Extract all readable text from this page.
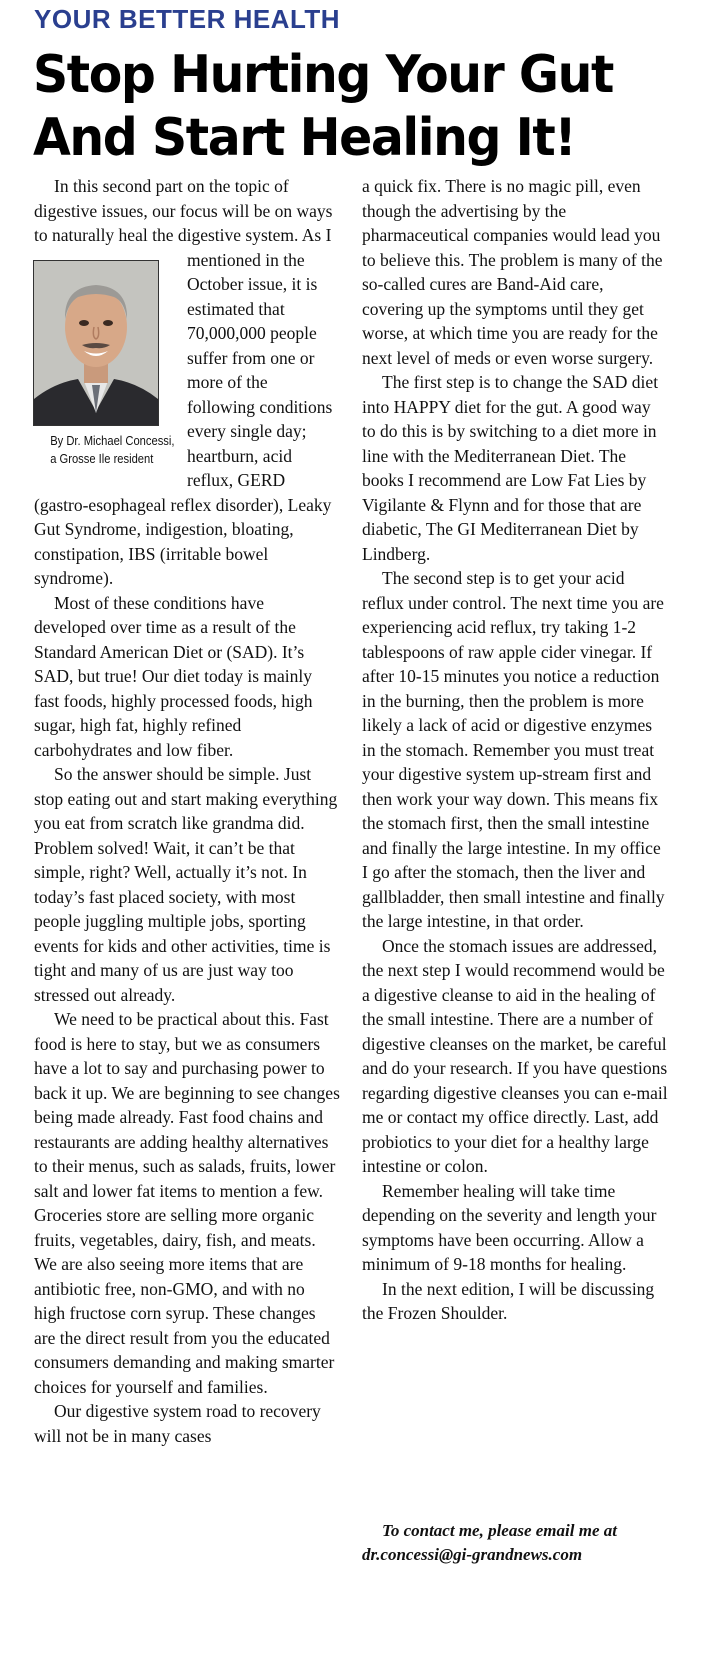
YOUR BETTER HEALTH
Stop Hurting Your Gut
And Start Healing It!

In this second part on the topic of digestive issues, our focus will be on ways to naturally heal the digestive system. As I mentioned in
By Dr. Michael Concessi,
a Grosse Ile resident
the October issue, it is estimated that 70,000,000 people suffer from one or more of the following conditions every single day; heartburn, acid reflux, GERD (gastro-esophageal reflex disorder), Leaky Gut Syndrome, indigestion, bloating, constipation, IBS (irritable bowel syndrome).

Most of these conditions have developed over time as a result of the Standard American Diet or (SAD). It’s SAD, but true! Our diet today is mainly fast foods, highly processed foods, high sugar, high fat, highly refined carbohydrates and low fiber.

So the answer should be simple. Just stop eating out and start making everything you eat from scratch like grandma did. Problem solved! Wait, it can’t be that simple, right? Well, actually it’s not. In today’s fast placed society, with most people juggling multiple jobs, sporting events for kids and other activities, time is tight and many of us are just way too stressed out already.

We need to be practical about this. Fast food is here to stay, but we as consumers have a lot to say and purchasing power to back it up. We are beginning to see changes being made already. Fast food chains and restaurants are adding healthy alternatives to their menus, such as salads, fruits, lower salt and lower fat items to mention a few. Groceries store are selling more organic fruits, vegetables, dairy, fish, and meats. We are also seeing more items that are antibiotic free, non-GMO, and with no high fructose corn syrup. These changes are the direct result from you the educated consumers demanding and making smarter choices for yourself and families.

Our digestive system road to recovery will not be in many cases

a quick fix. There is no magic pill, even though the advertising by the pharmaceutical companies would lead you to believe this. The problem is many of the so-called cures are Band-Aid care, covering up the symptoms until they get worse, at which time you are ready for the next level of meds or even worse surgery.

The first step is to change the SAD diet into HAPPY diet for the gut. A good way to do this is by switching to a diet more in line with the Mediterranean Diet. The books I recommend are Low Fat Lies by Vigilante & Flynn and for those that are diabetic, The GI Mediterranean Diet by Lindberg.

The second step is to get your acid reflux under control. The next time you are experiencing acid reflux, try taking 1-2 tablespoons of raw apple cider vinegar. If after 10-15 minutes you notice a reduction in the burning, then the problem is more likely a lack of acid or digestive enzymes in the stomach. Remember you must treat your digestive system up-stream first and then work your way down. This means fix the stomach first, then the small intestine and finally the large intestine. In my office I go after the stomach, then the liver and gallbladder, then small intestine and finally the large intestine, in that order.

Once the stomach issues are addressed, the next step I would recommend would be a digestive cleanse to aid in the healing of the small intestine. There are a number of digestive cleanses on the market, be careful and do your research. If you have questions regarding digestive cleanses you can e-mail me or contact my office directly. Last, add probiotics to your diet for a healthy large intestine or colon.

Remember healing will take time depending on the severity and length your symptoms have been occurring. Allow a minimum of 9-18 months for healing.

In the next edition, I will be discussing the Frozen Shoulder.

To contact me, please email me at
dr.concessi@gi-grandnews.com
